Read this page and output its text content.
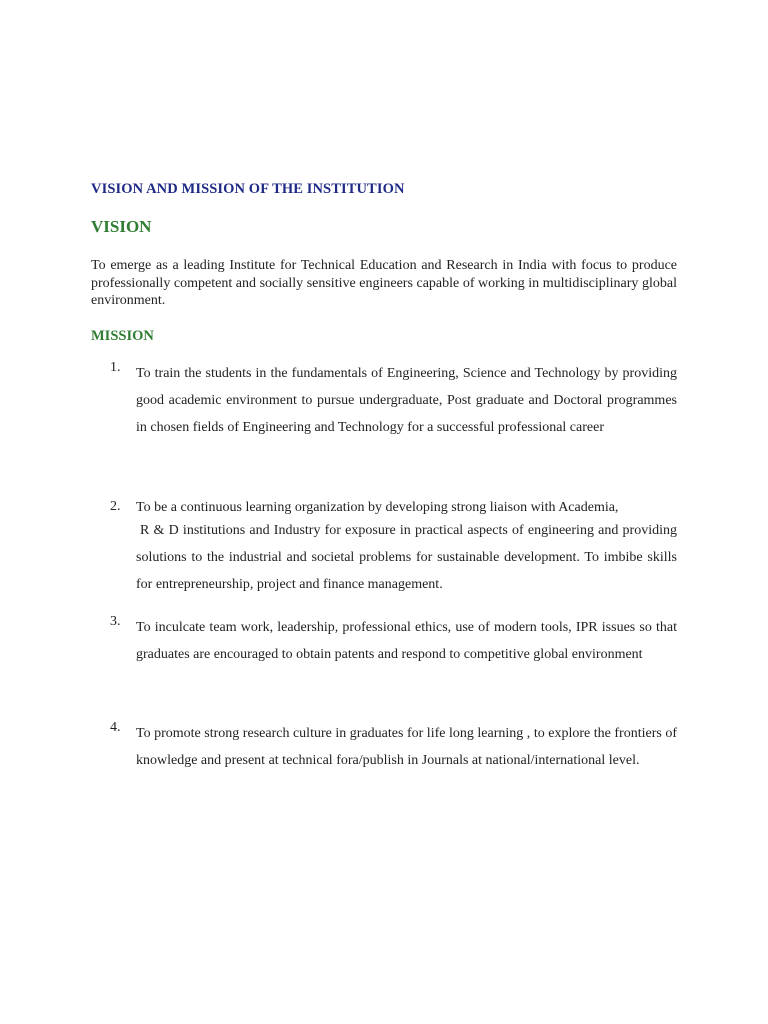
VISION AND MISSION OF THE INSTITUTION
VISION

To emerge as a leading Institute for Technical Education and Research in India with focus to produce professionally competent and socially sensitive engineers capable of working in multidisciplinary global environment.

MISSION
1.	To train the students in the fundamentals of Engineering, Science and Technology by providing good academic environment to pursue undergraduate, Post graduate and Doctoral programmes in chosen fields of Engineering and Technology for a successful professional career
2.	To be a continuous learning organization by developing strong liaison with Academia,
R & D institutions and Industry for exposure in practical aspects of engineering and providing solutions to the industrial and societal problems for sustainable development. To imbibe skills for entrepreneurship, project and finance management.
3.	To inculcate team work, leadership, professional ethics, use of modern tools, IPR issues so that graduates are encouraged to obtain patents and respond to competitive global environment
4.	To promote strong research culture in graduates for life long learning , to explore the frontiers of knowledge and present at technical fora/publish in Journals at national/international level.
